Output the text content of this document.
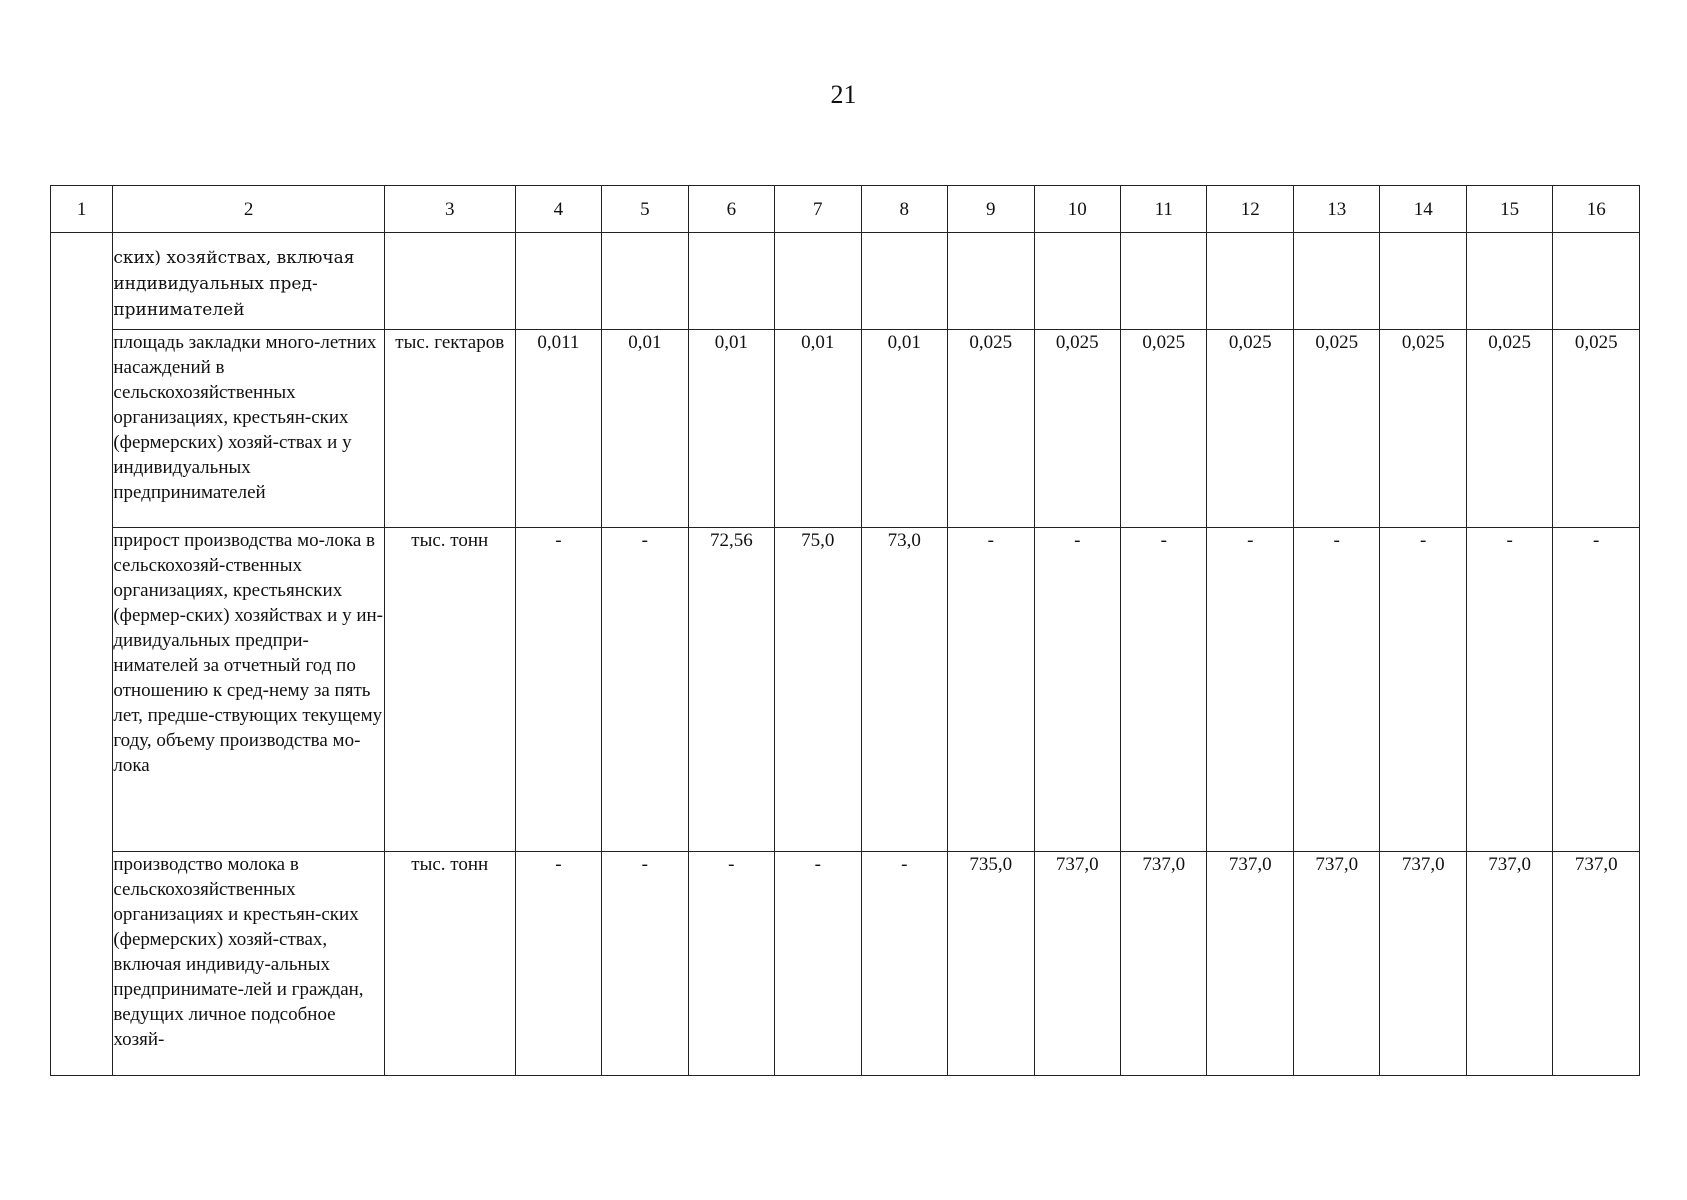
21
1	2	3	4	5	6	7	8	9	10	11	12	13	14	15	16
	ских) хозяйствах, включая индивидуальных пред-принимателей														
	площадь закладки много-летних насаждений в сельскохозяйственных организациях, крестьян-ских (фермерских) хозяй-ствах и у индивидуальных предпринимателей	тыс. гектаров	0,011	0,01	0,01	0,01	0,01	0,025	0,025	0,025	0,025	0,025	0,025	0,025	0,025
	прирост производства мо-лока в сельскохозяй-ственных организациях, крестьянских (фермер-ских) хозяйствах и у ин-дивидуальных предпри-нимателей за отчетный год по отношению к сред-нему за пять лет, предше-ствующих текущему году, объему производства мо-лока	тыс. тонн	-	-	72,56	75,0	73,0	-	-	-	-	-	-	-	-
	производство молока в сельскохозяйственных организациях и крестьян-ских (фермерских) хозяй-ствах, включая индивиду-альных предпринимате-лей и граждан, ведущих личное подсобное хозяй-	тыс. тонн	-	-	-	-	-	735,0	737,0	737,0	737,0	737,0	737,0	737,0	737,0
